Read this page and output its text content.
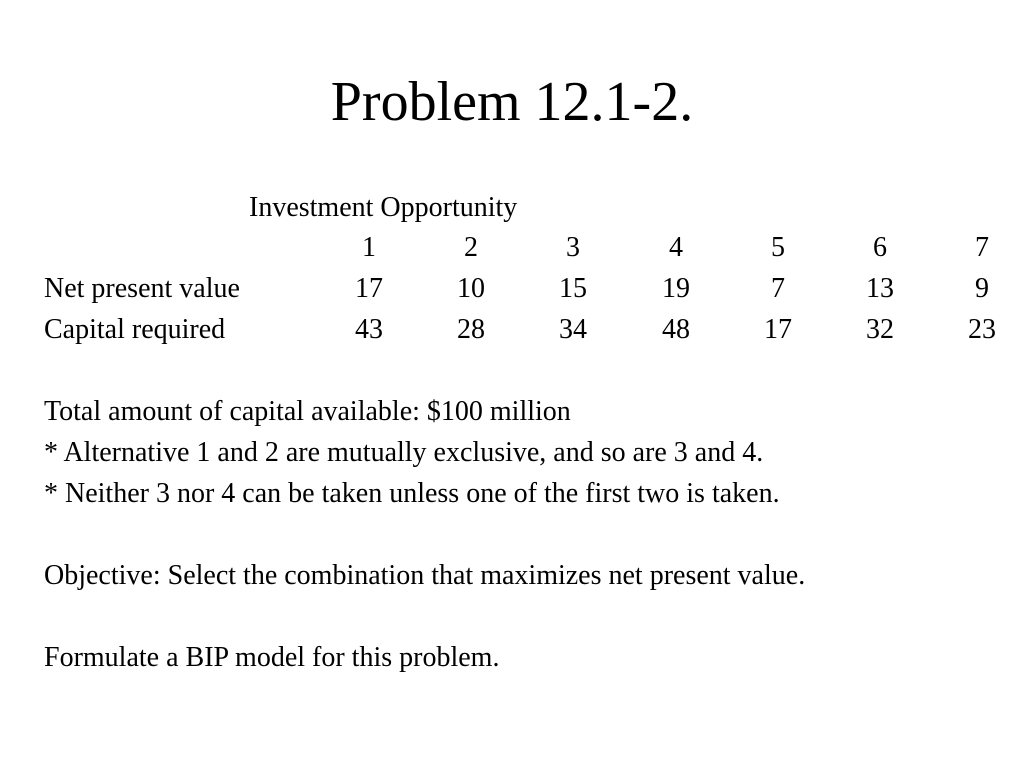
Problem 12.1-2.
Investment Opportunity
1	2	3	4	5	6	7
Net present value	17	10	15	19	7	13	9
Capital required	43	28	34	48	17	32	23
Total amount of capital available: $100 million
* Alternative 1 and 2 are mutually exclusive, and so are 3 and 4.
* Neither 3 nor 4 can be taken unless one of the first two is taken.
Objective: Select the combination that maximizes net present value.
Formulate a BIP model for this problem.
